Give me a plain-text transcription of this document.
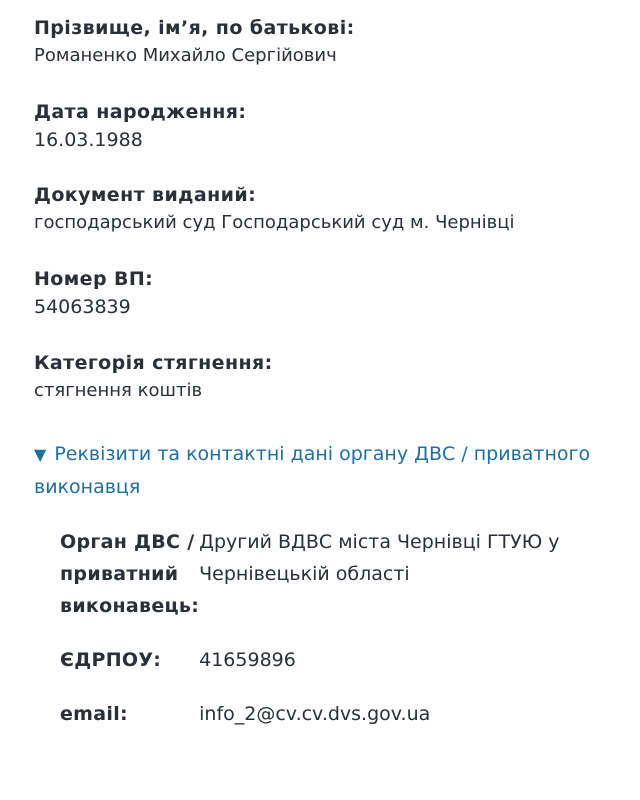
Прізвище, ім’я, по батькові:
Романенко Михайло Сергійович
Дата народження:
16.03.1988
Документ виданий:
господарський суд Господарський суд м. Чернівці
Номер ВП:
54063839
Категорія стягнення:
стягнення коштів
▼ Реквізити та контактні дані органу ДВС / приватного виконавця
Орган ДВС / приватний виконавець:	Другий ВДВС міста Чернівці ГТУЮ у Чернівецькій області

ЄДРПОУ:	41659896

email:	info_2@cv.cv.dvs.gov.ua
